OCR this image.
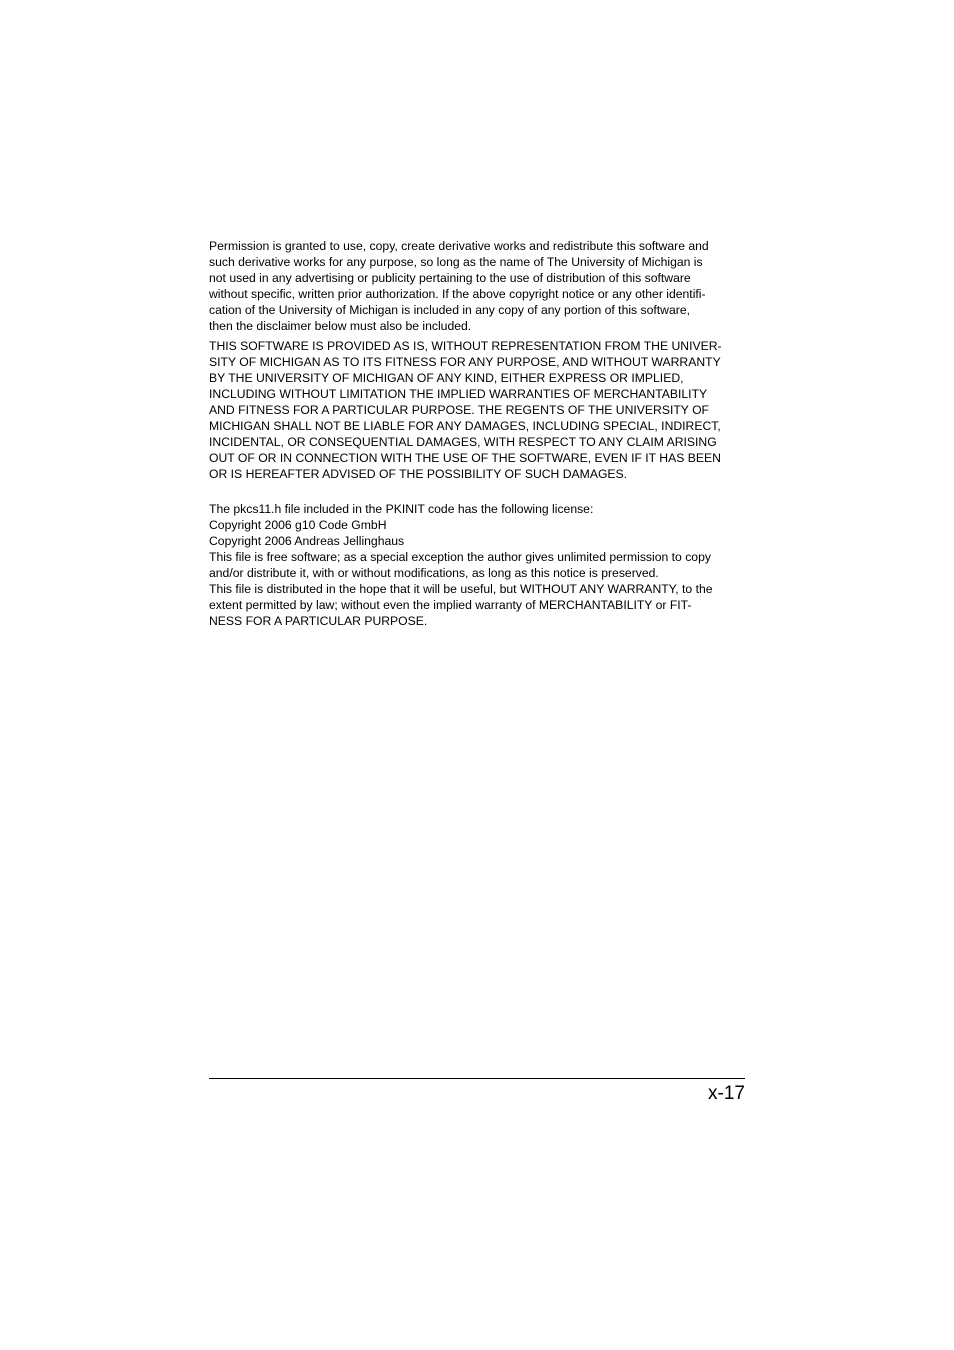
Permission is granted to use, copy, create derivative works and redistribute this software and
such derivative works for any purpose, so long as the name of The University of Michigan is
not used in any advertising or publicity pertaining to the use of distribution of this software
without specific, written prior authorization. If the above copyright notice or any other identifi-
cation of the University of Michigan is included in any copy of any portion of this software,
then the disclaimer below must also be included.

THIS SOFTWARE IS PROVIDED AS IS, WITHOUT REPRESENTATION FROM THE UNIVER-
SITY OF MICHIGAN AS TO ITS FITNESS FOR ANY PURPOSE, AND WITHOUT WARRANTY
BY THE UNIVERSITY OF MICHIGAN OF ANY KIND, EITHER EXPRESS OR IMPLIED,
INCLUDING WITHOUT LIMITATION THE IMPLIED WARRANTIES OF MERCHANTABILITY
AND FITNESS FOR A PARTICULAR PURPOSE. THE REGENTS OF THE UNIVERSITY OF
MICHIGAN SHALL NOT BE LIABLE FOR ANY DAMAGES, INCLUDING SPECIAL, INDIRECT,
INCIDENTAL, OR CONSEQUENTIAL DAMAGES, WITH RESPECT TO ANY CLAIM ARISING
OUT OF OR IN CONNECTION WITH THE USE OF THE SOFTWARE, EVEN IF IT HAS BEEN
OR IS HEREAFTER ADVISED OF THE POSSIBILITY OF SUCH DAMAGES.

The pkcs11.h file included in the PKINIT code has the following license:
Copyright 2006 g10 Code GmbH
Copyright 2006 Andreas Jellinghaus
This file is free software; as a special exception the author gives unlimited permission to copy
and/or distribute it, with or without modifications, as long as this notice is preserved.
This file is distributed in the hope that it will be useful, but WITHOUT ANY WARRANTY, to the
extent permitted by law; without even the implied warranty of MERCHANTABILITY or FIT-
NESS FOR A PARTICULAR PURPOSE.

x-17
